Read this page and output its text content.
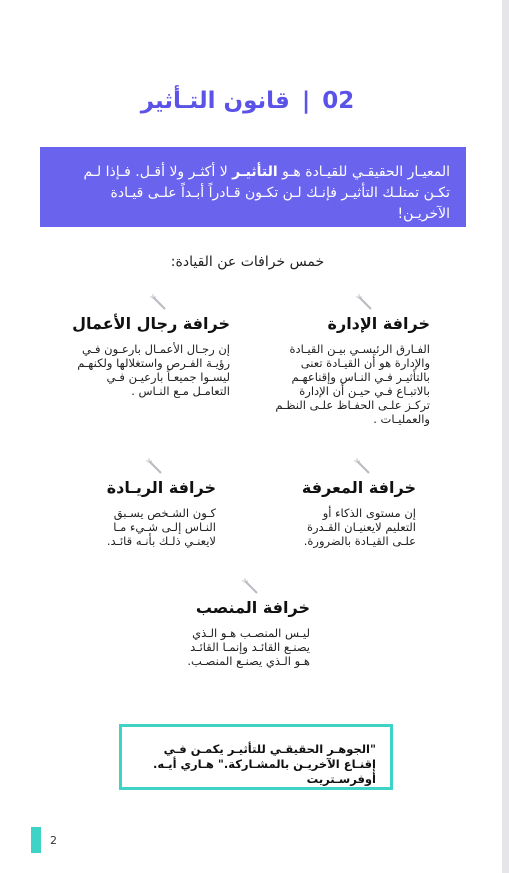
02|قانون التـأثير
المعيـار الحقيقـي للقيـادة هـو التأثيـر لا أكثـر ولا أقـل. فـإذا لـم تكـن تمتلـك التأثيـر فإنـك لـن تكـون قـادراً أبـداً علـى قيـادة الآخريـن!
خمس خرافات عن القيادة:
خرافة الإدارة

الفـارق الرئيسـي بيـن القيـادة والإدارة هو أن القيـادة تعنى بالتأثيـر فـي النـاس وإقناعهـم بالاتبـاع فـي حيـن أن الإدارة تركـز علـى الحفـاظ علـى النظـم والعمليـات .

خرافة رجال الأعمال

إن رجـال الأعمـال بارعـون فـي رؤيـة الفـرص واستغلالها ولكنهـم ليسـوا جميعـاً بارعيـن فـي التعامـل مـع النـاس .

خرافة المعرفة

إن مستوى الذكاء أو التعليم لايعنيـان القـدرة علـى القيـادة بالضرورة.

خرافة الريـادة

كـون الشـخص يسـبق النـاس إلـى شـيء مـا لايعنـي ذلـك بأنـه قائـد.

خرافة المنصب

ليـس المنصـب هـو الـذي يصنـع القائـد وإنمـا القائـد هـو الـذي يصنـع المنصـب.

"الجوهـر الحقيقـي للتأثيـر يكمـن فـي إقنـاع الآخريـن بالمشـاركة." هـاري أيـه. أوفرسـتريت
2
